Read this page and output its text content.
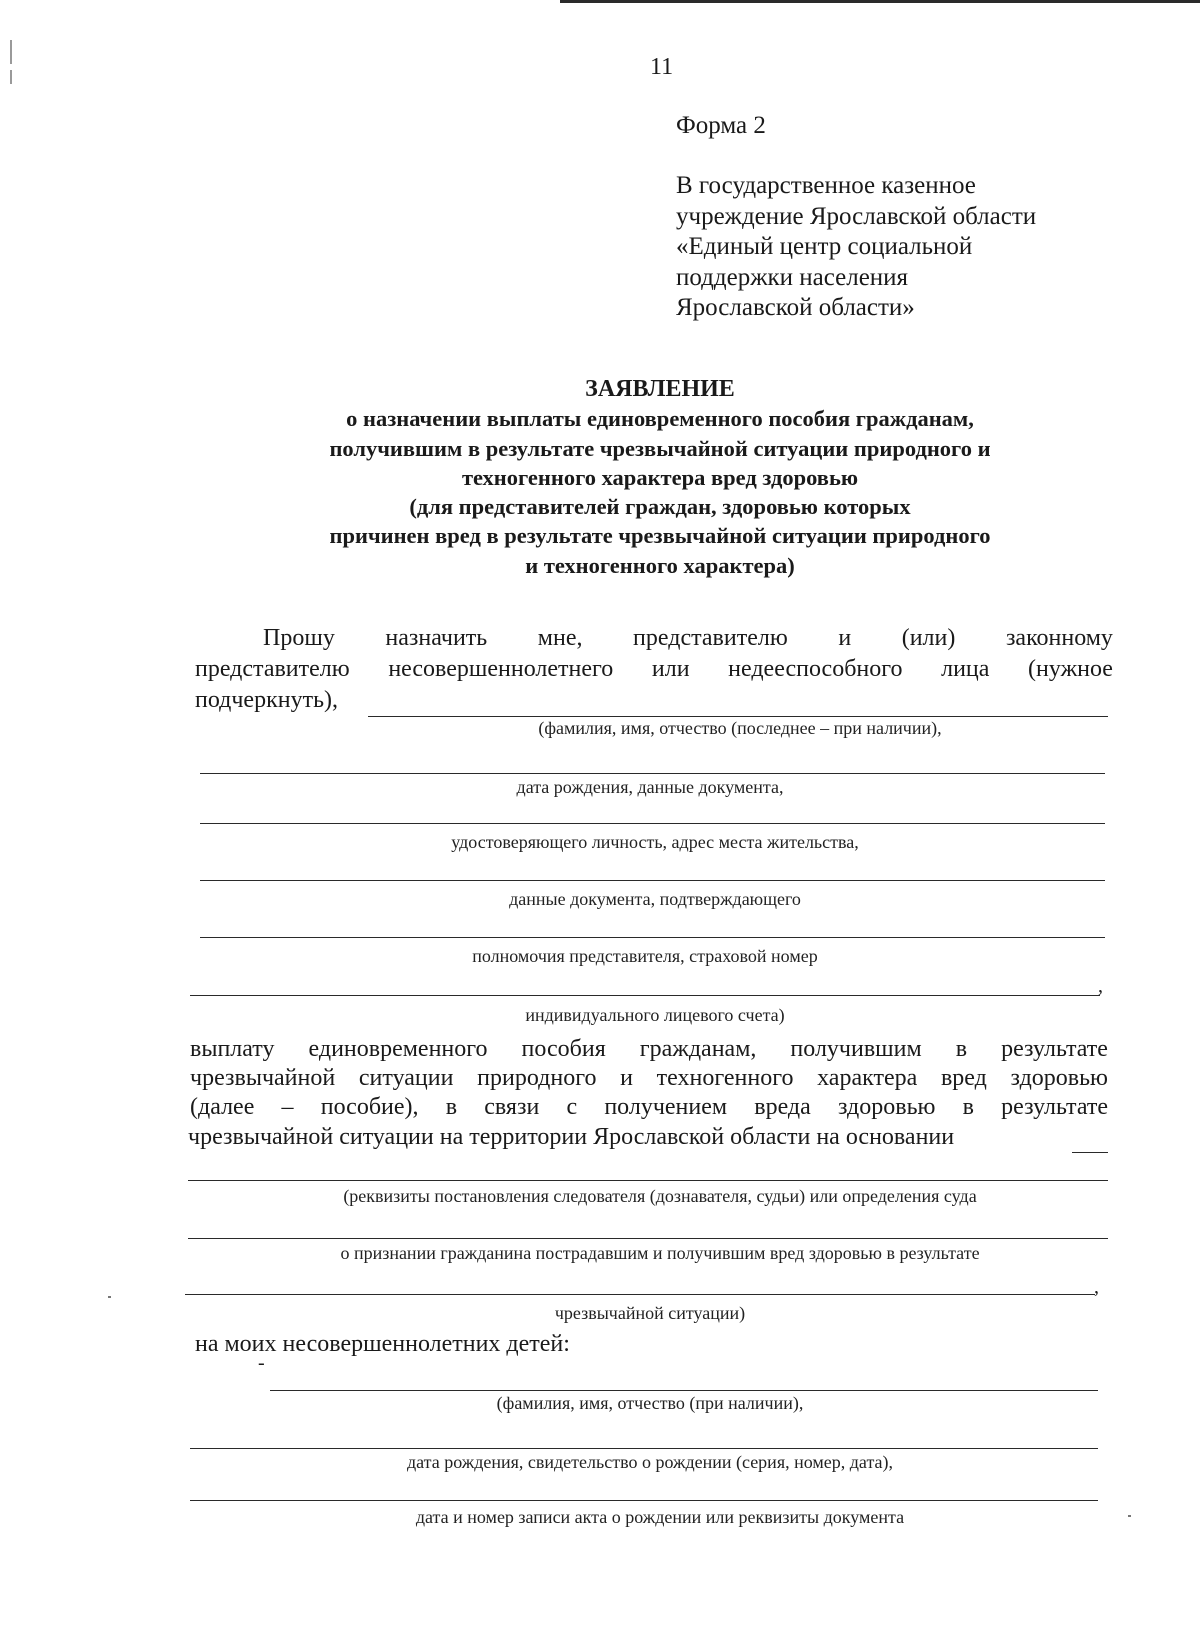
11
Форма 2
В государственное казенное
учреждение Ярославской области
«Единый центр социальной
поддержки населения
Ярославской области»
ЗАЯВЛЕНИЕ
о назначении выплаты единовременного пособия гражданам,
получившим в результате чрезвычайной ситуации природного и
техногенного характера вред здоровью
(для представителей граждан, здоровью которых
причинен вред в результате чрезвычайной ситуации природного
и техногенного характера)
Прошу назначить мне, представителю и (или) законному
представителю несовершеннолетнего или недееспособного лица (нужное
подчеркнуть),
(фамилия, имя, отчество (последнее – при наличии),
дата рождения, данные документа,
удостоверяющего личность, адрес места жительства,
данные документа, подтверждающего
полномочия представителя, страховой номер
,
индивидуального лицевого счета)
выплату единовременного пособия гражданам, получившим в результате
чрезвычайной ситуации природного и техногенного характера вред здоровью
(далее – пособие), в связи с получением вреда здоровью в результате
чрезвычайной ситуации на территории Ярославской области на основании
(реквизиты постановления следователя (дознавателя, судьи) или определения суда
о признании гражданина пострадавшим и получившим вред здоровью в результате
,
чрезвычайной ситуации)
на моих несовершеннолетних детей:
-
(фамилия, имя, отчество (при наличии),
дата рождения, свидетельство о рождении (серия, номер, дата),
дата и номер записи акта о рождении или реквизиты документа
